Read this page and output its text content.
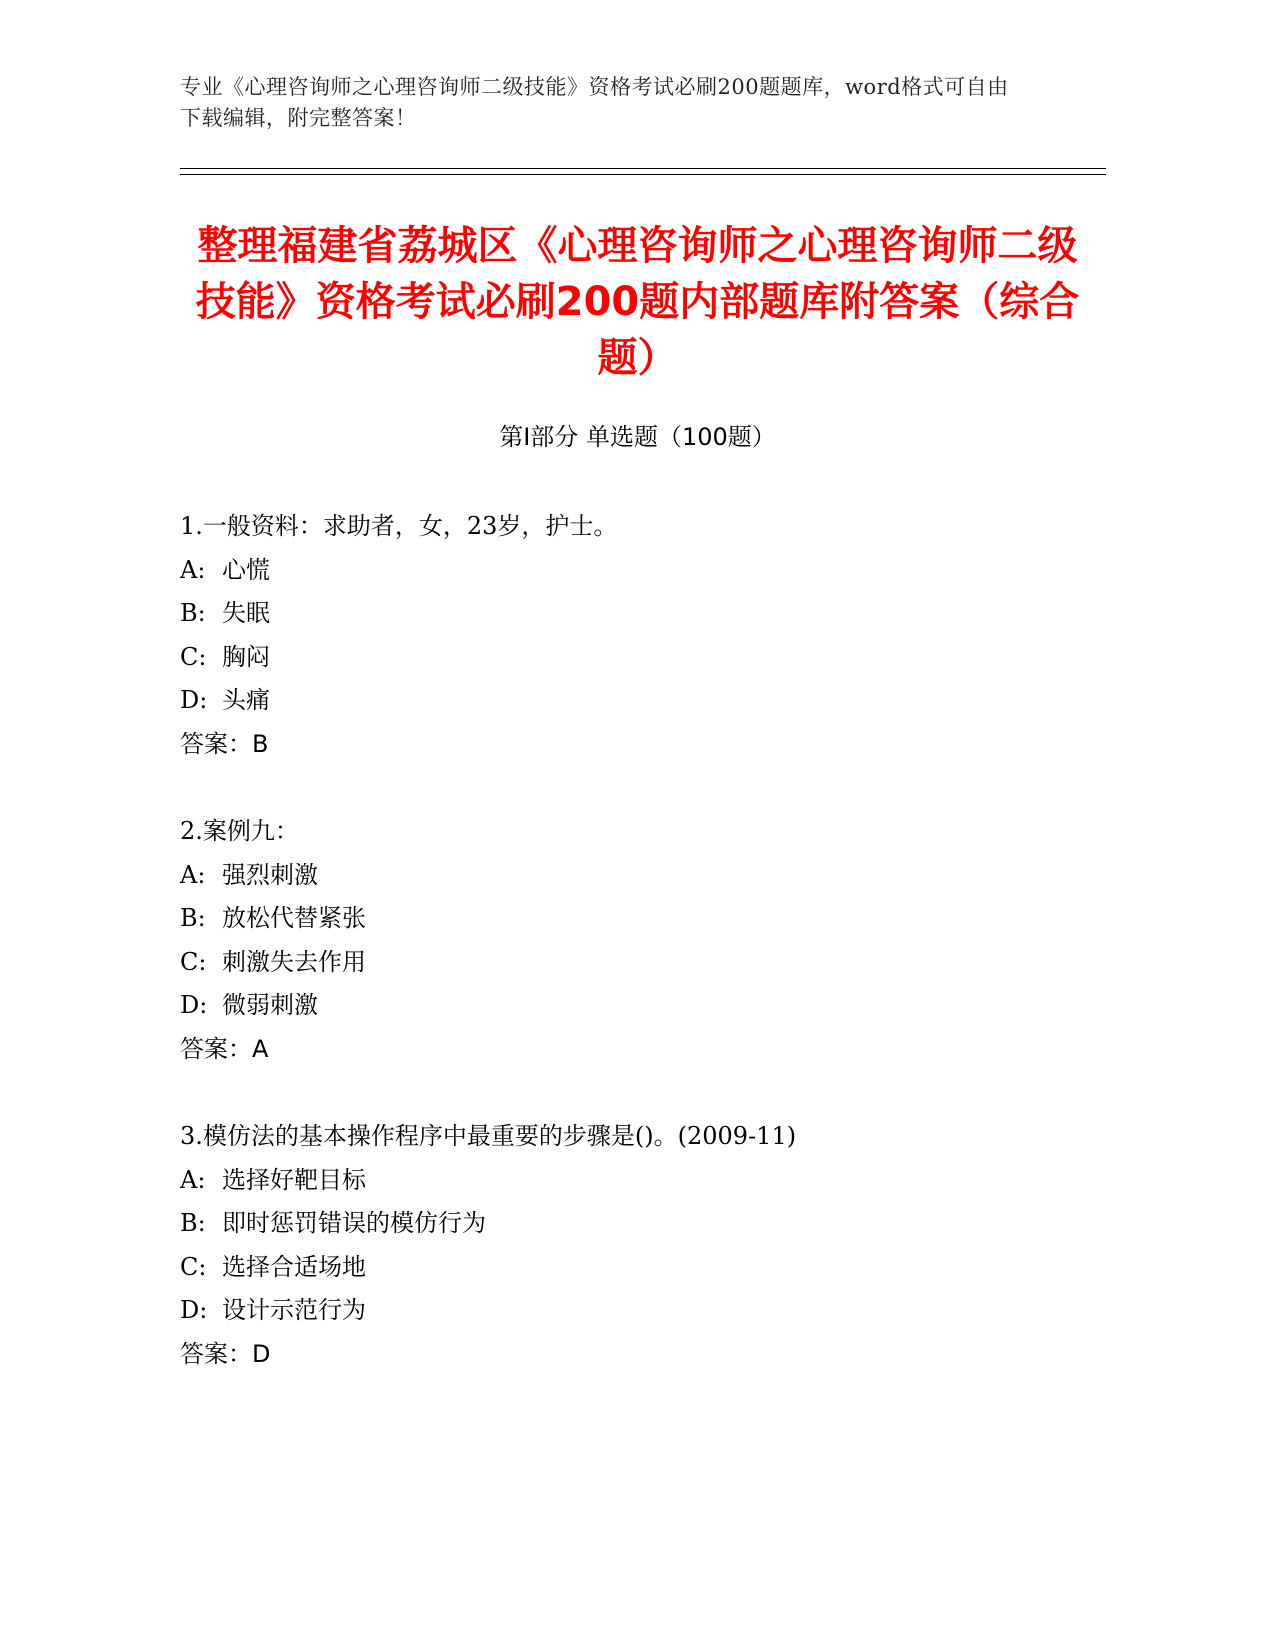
专业《心理咨询师之心理咨询师二级技能》资格考试必刷200题题库，word格式可自由下载编辑，附完整答案！
整理福建省荔城区《心理咨询师之心理咨询师二级技能》资格考试必刷200题内部题库附答案（综合题）
第Ⅰ部分 单选题（100题）
1.一般资料：求助者，女，23岁，护士。
A: 心慌
B: 失眠
C: 胸闷
D: 头痛
答案：B
2.案例九：
A: 强烈刺激
B: 放松代替紧张
C: 刺激失去作用
D: 微弱刺激
答案：A
3.模仿法的基本操作程序中最重要的步骤是()。(2009-11)
A: 选择好靶目标
B: 即时惩罚错误的模仿行为
C: 选择合适场地
D: 设计示范行为
答案：D
